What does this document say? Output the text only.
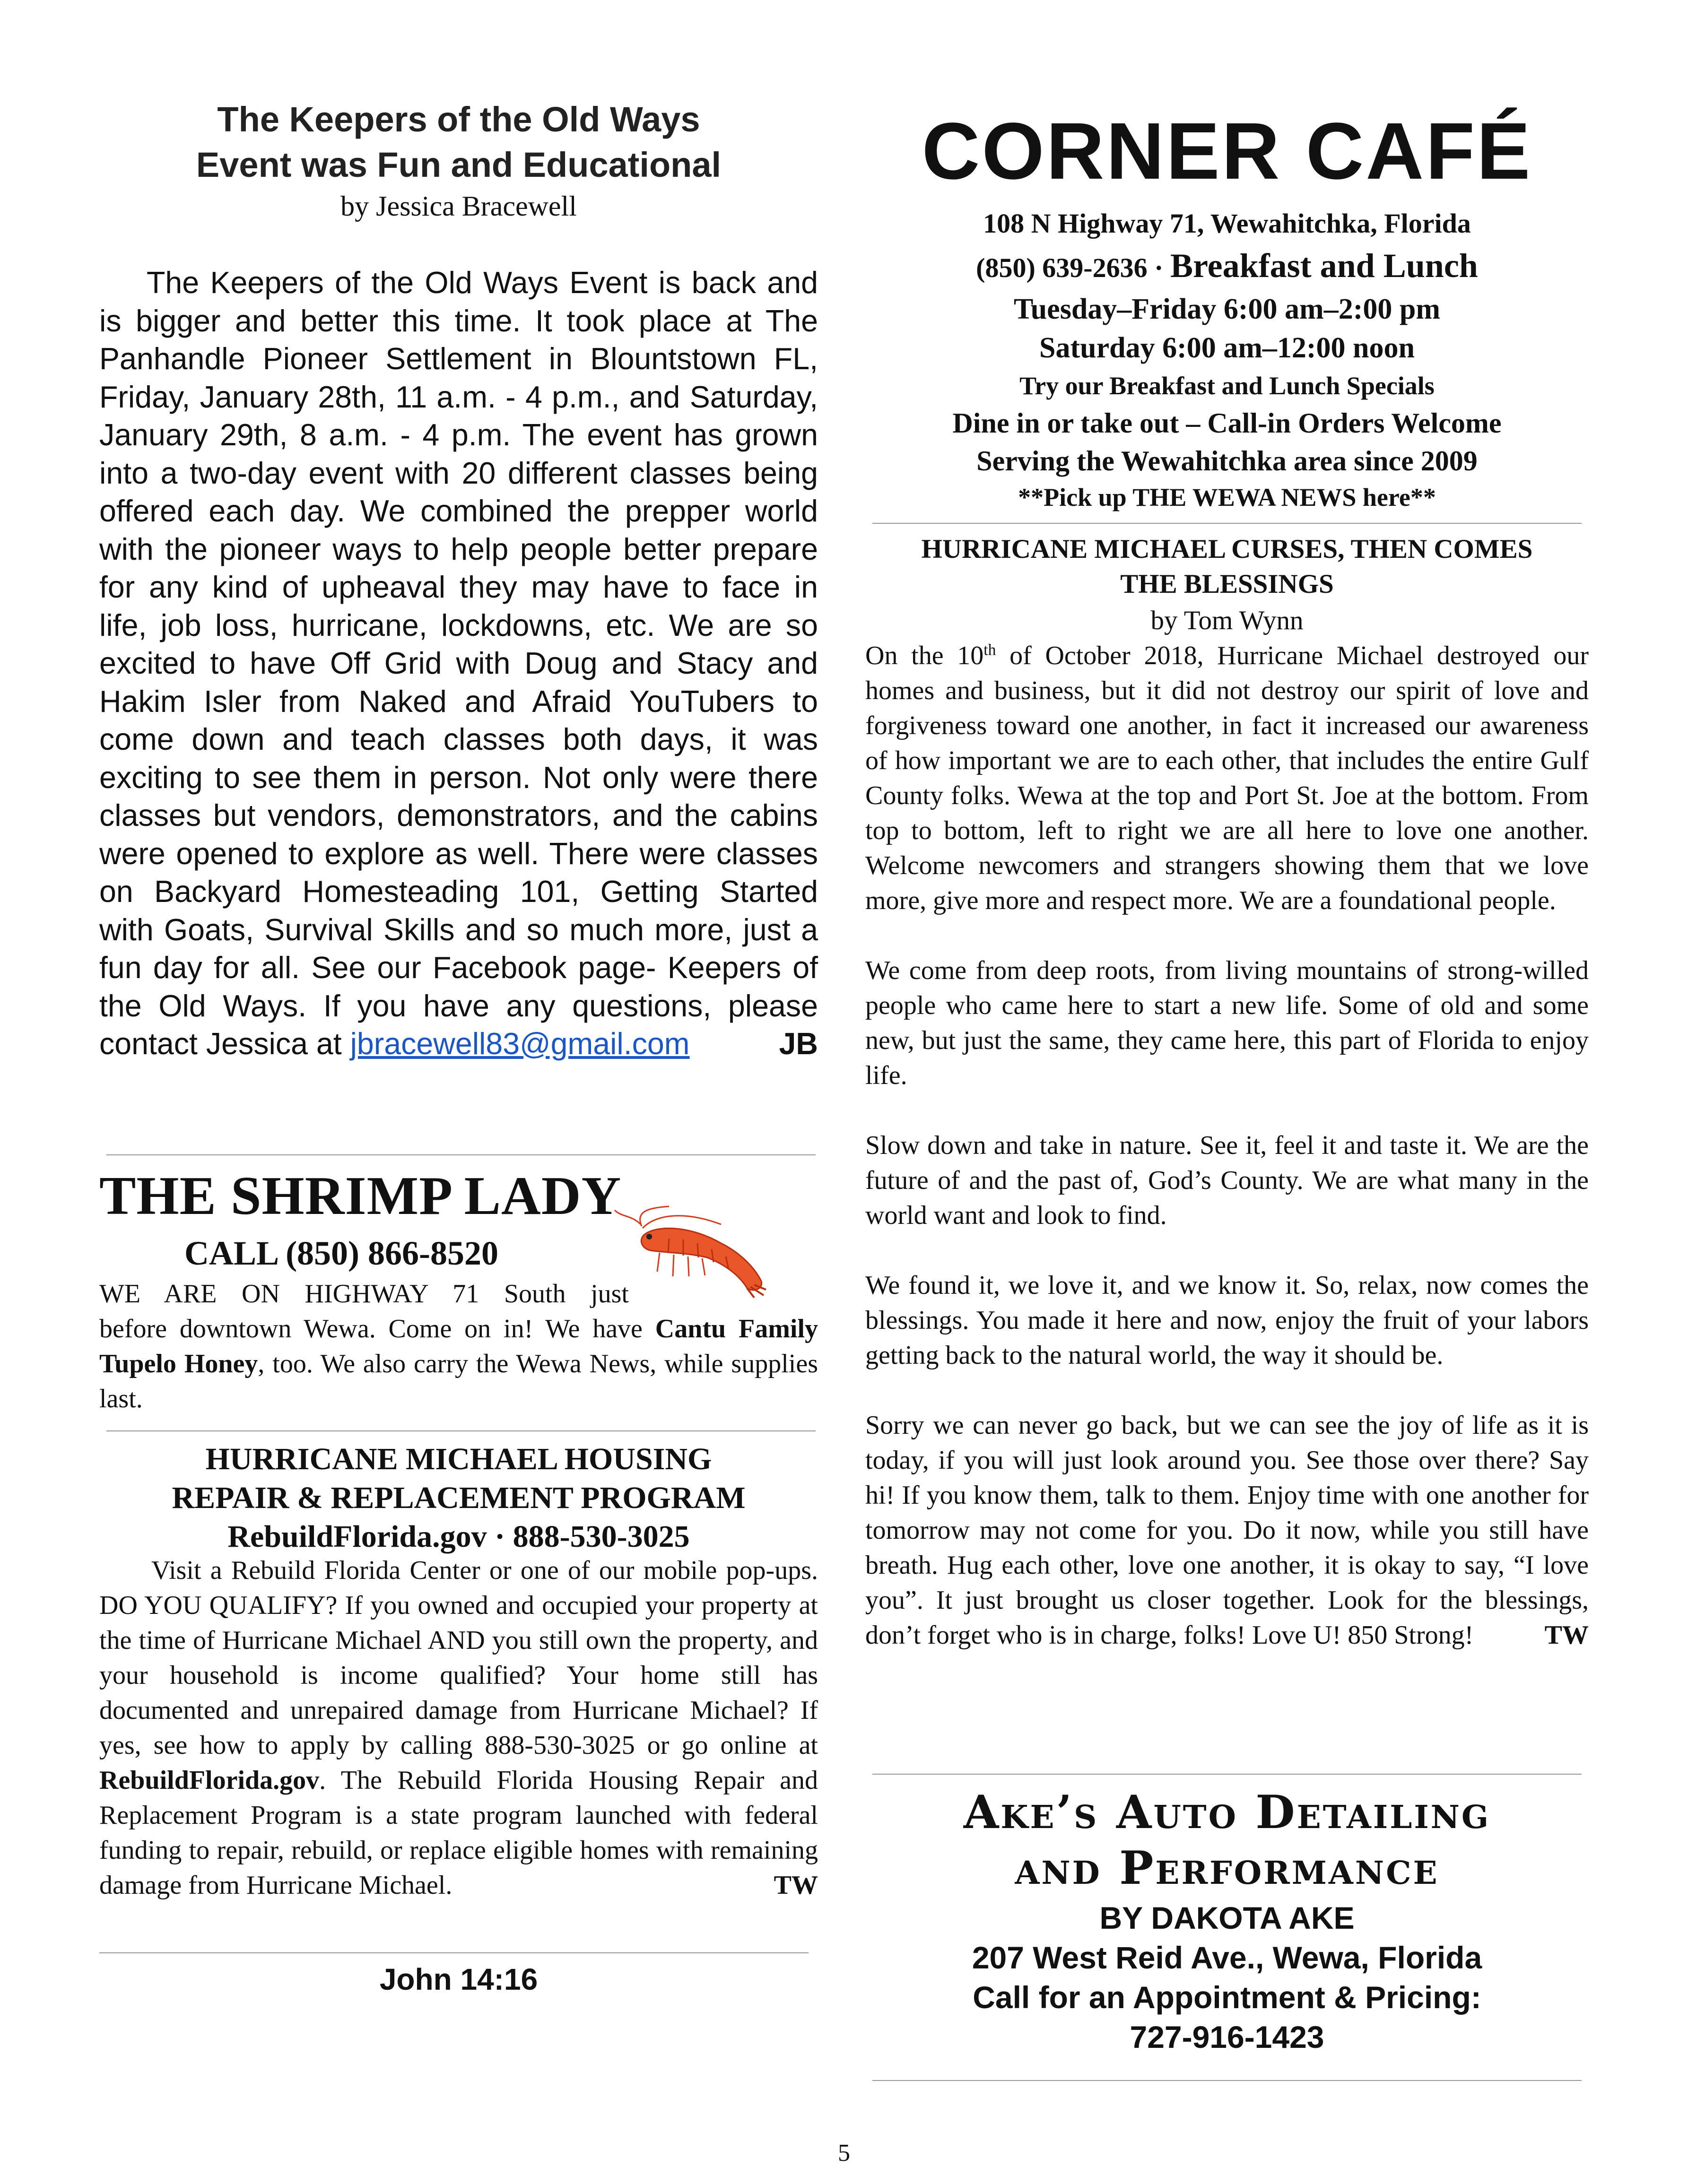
The Keepers of the Old Ways
Event was Fun and Educational
by Jessica Bracewell
The Keepers of the Old Ways Event is back and is bigger and better this time. It took place at The Panhandle Pioneer Settlement in Blountstown FL, Friday, January 28th, 11 a.m. - 4 p.m., and Saturday, January 29th, 8 a.m. - 4 p.m. The event has grown into a two-day event with 20 different classes being offered each day. We combined the prepper world with the pioneer ways to help people better prepare for any kind of upheaval they may have to face in life, job loss, hurricane, lockdowns, etc. We are so excited to have Off Grid with Doug and Stacy and Hakim Isler from Naked and Afraid YouTubers to come down and teach classes both days, it was exciting to see them in person. Not only were there classes but vendors, demonstrators, and the cabins were opened to explore as well. There were classes on Backyard Homesteading 101, Getting Started with Goats, Survival Skills and so much more, just a fun day for all. See our Facebook page- Keepers of the Old Ways. If you have any questions, please contact Jessica at jbracewell83@gmail.com	JB
THE SHRIMP LADY
CALL (850) 866-8520
WE ARE ON HIGHWAY 71 South just
before downtown Wewa. Come on in! We have Cantu Family Tupelo Honey, too. We also carry the Wewa News, while supplies last.
HURRICANE MICHAEL HOUSING
REPAIR & REPLACEMENT PROGRAM
RebuildFlorida.gov · 888-530-3025
Visit a Rebuild Florida Center or one of our mobile pop-ups. DO YOU QUALIFY? If you owned and occupied your property at the time of Hurricane Michael AND you still own the property, and your household is income qualified? Your home still has documented and unrepaired damage from Hurricane Michael? If yes, see how to apply by calling 888-530-3025 or go online at RebuildFlorida.gov. The Rebuild Florida Housing Repair and Replacement Program is a state program launched with federal funding to repair, rebuild, or replace eligible homes with remaining damage from Hurricane Michael.	TW
John 14:16
CORNER CAFÉ
108 N Highway 71, Wewahitchka, Florida
(850) 639-2636 · Breakfast and Lunch
Tuesday–Friday 6:00 am–2:00 pm
Saturday 6:00 am–12:00 noon
Try our Breakfast and Lunch Specials
Dine in or take out – Call-in Orders Welcome
Serving the Wewahitchka area since 2009
**Pick up THE WEWA NEWS here**
HURRICANE MICHAEL CURSES, THEN COMES
THE BLESSINGS
by Tom Wynn

On the 10th of October 2018, Hurricane Michael destroyed our homes and business, but it did not destroy our spirit of love and forgiveness toward one another, in fact it increased our awareness of how important we are to each other, that includes the entire Gulf County folks. Wewa at the top and Port St. Joe at the bottom. From top to bottom, left to right we are all here to love one another. Welcome newcomers and strangers showing them that we love more, give more and respect more. We are a foundational people.

We come from deep roots, from living mountains of strong-willed people who came here to start a new life. Some of old and some new, but just the same, they came here, this part of Florida to enjoy life.

Slow down and take in nature. See it, feel it and taste it. We are the future of and the past of, God’s County. We are what many in the world want and look to find.

We found it, we love it, and we know it. So, relax, now comes the blessings. You made it here and now, enjoy the fruit of your labors getting back to the natural world, the way it should be.

Sorry we can never go back, but we can see the joy of life as it is today, if you will just look around you. See those over there? Say hi! If you know them, talk to them. Enjoy time with one another for tomorrow may not come for you. Do it now, while you still have breath. Hug each other, love one another, it is okay to say, “I love you”. It just brought us closer together. Look for the blessings, don’t forget who is in charge, folks! Love U! 850 Strong!	TW

Ake’s Auto Detailing
and Performance
BY DAKOTA AKE
207 West Reid Ave., Wewa, Florida
Call for an Appointment & Pricing:
727-916-1423
5
